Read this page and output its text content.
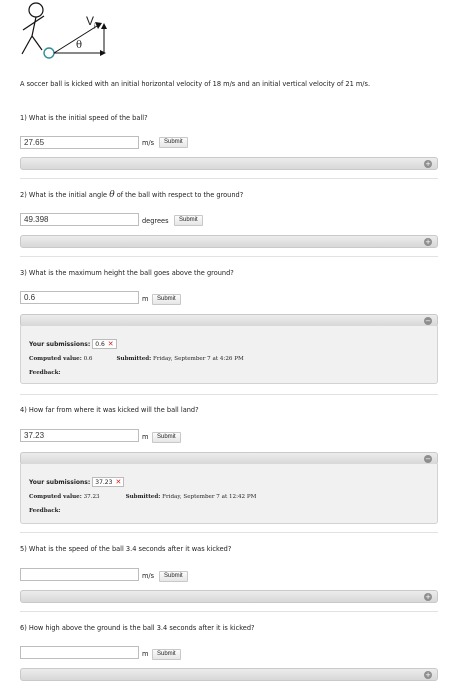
$V_i$
θ
A soccer ball is kicked with an initial horizontal velocity of 18 m/s and an initial vertical velocity of 21 m/s.
1) What is the initial speed of the ball?
27.65	m/s	Submit
+
2) What is the initial angle θ of the ball with respect to the ground?
49.398	degrees	Submit
+
3) What is the maximum height the ball goes above the ground?
0.6	m	Submit
−
Your submissions: 0.6 ✕
Computed value: 0.6	Submitted: Friday, September 7 at 4:26 PM
Feedback:
4) How far from where it was kicked will the ball land?
37.23	m	Submit
−
Your submissions: 37.23 ✕
Computed value: 37.23	Submitted: Friday, September 7 at 12:42 PM
Feedback:
5) What is the speed of the ball 3.4 seconds after it was kicked?
m/s	Submit
+
6) How high above the ground is the ball 3.4 seconds after it is kicked?
m	Submit
+
